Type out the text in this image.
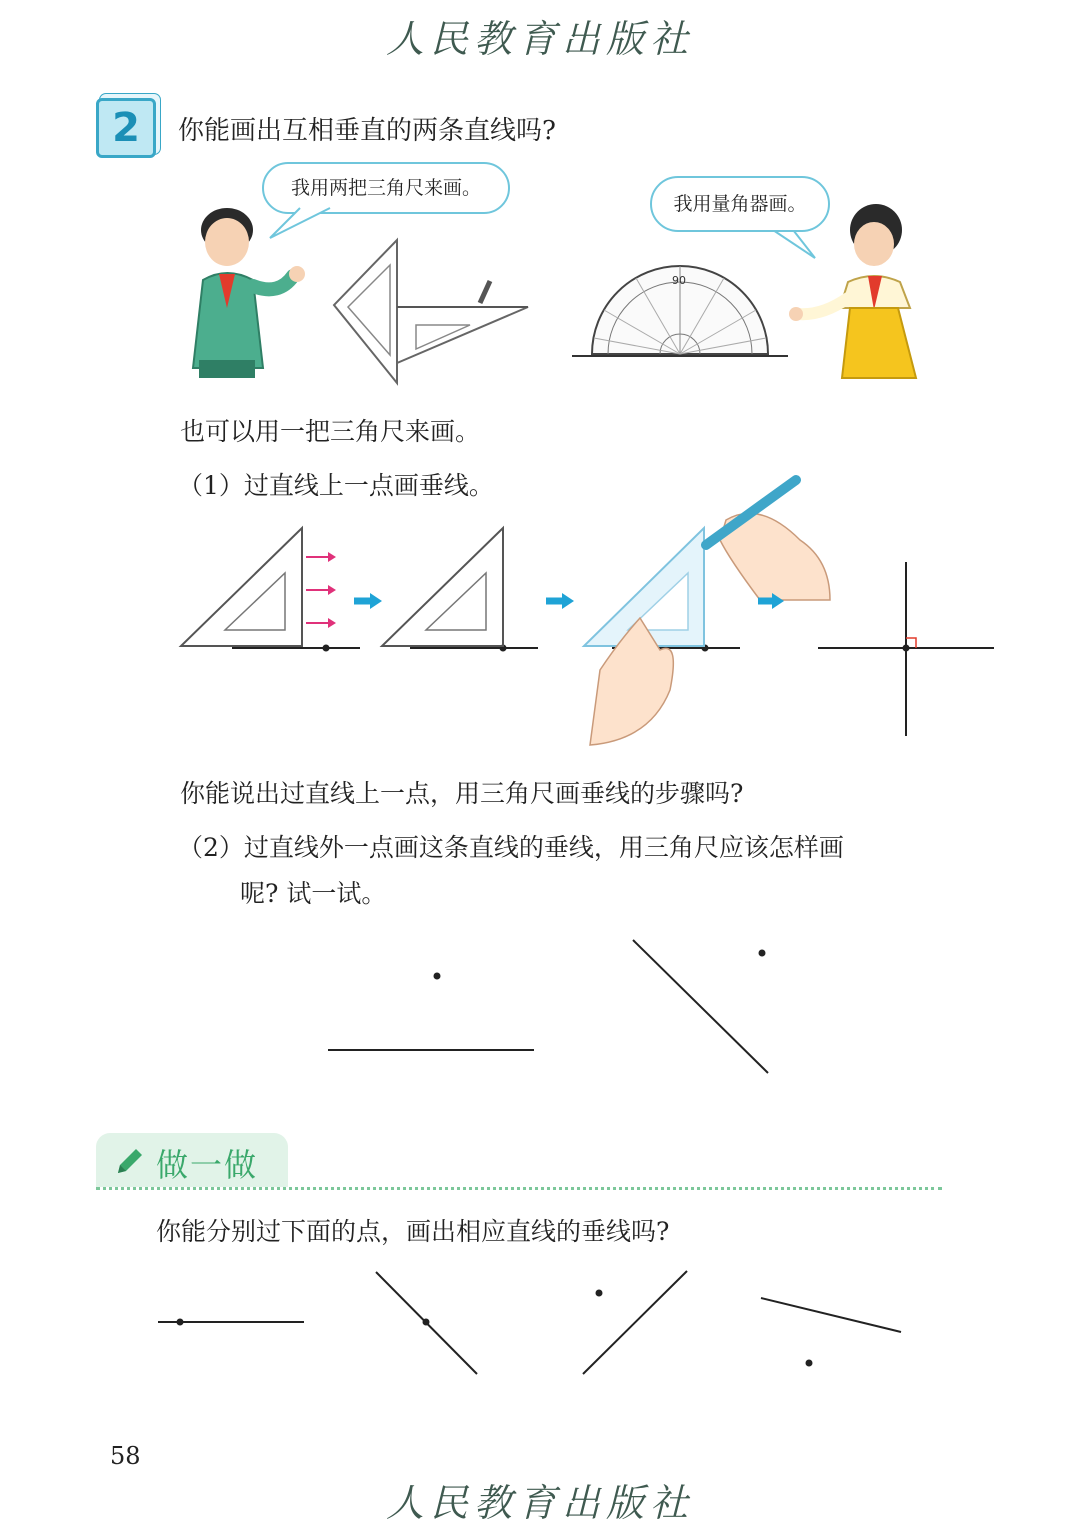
人民教育出版社
2	你能画出互相垂直的两条直线吗?
我用两把三角尺来画。
我用量角器画。
90
也可以用一把三角尺来画。
（1）过直线上一点画垂线。
你能说出过直线上一点，用三角尺画垂线的步骤吗?
（2）过直线外一点画这条直线的垂线，用三角尺应该怎样画
呢? 试一试。
做一做
你能分别过下面的点，画出相应直线的垂线吗?
58
人民教育出版社
